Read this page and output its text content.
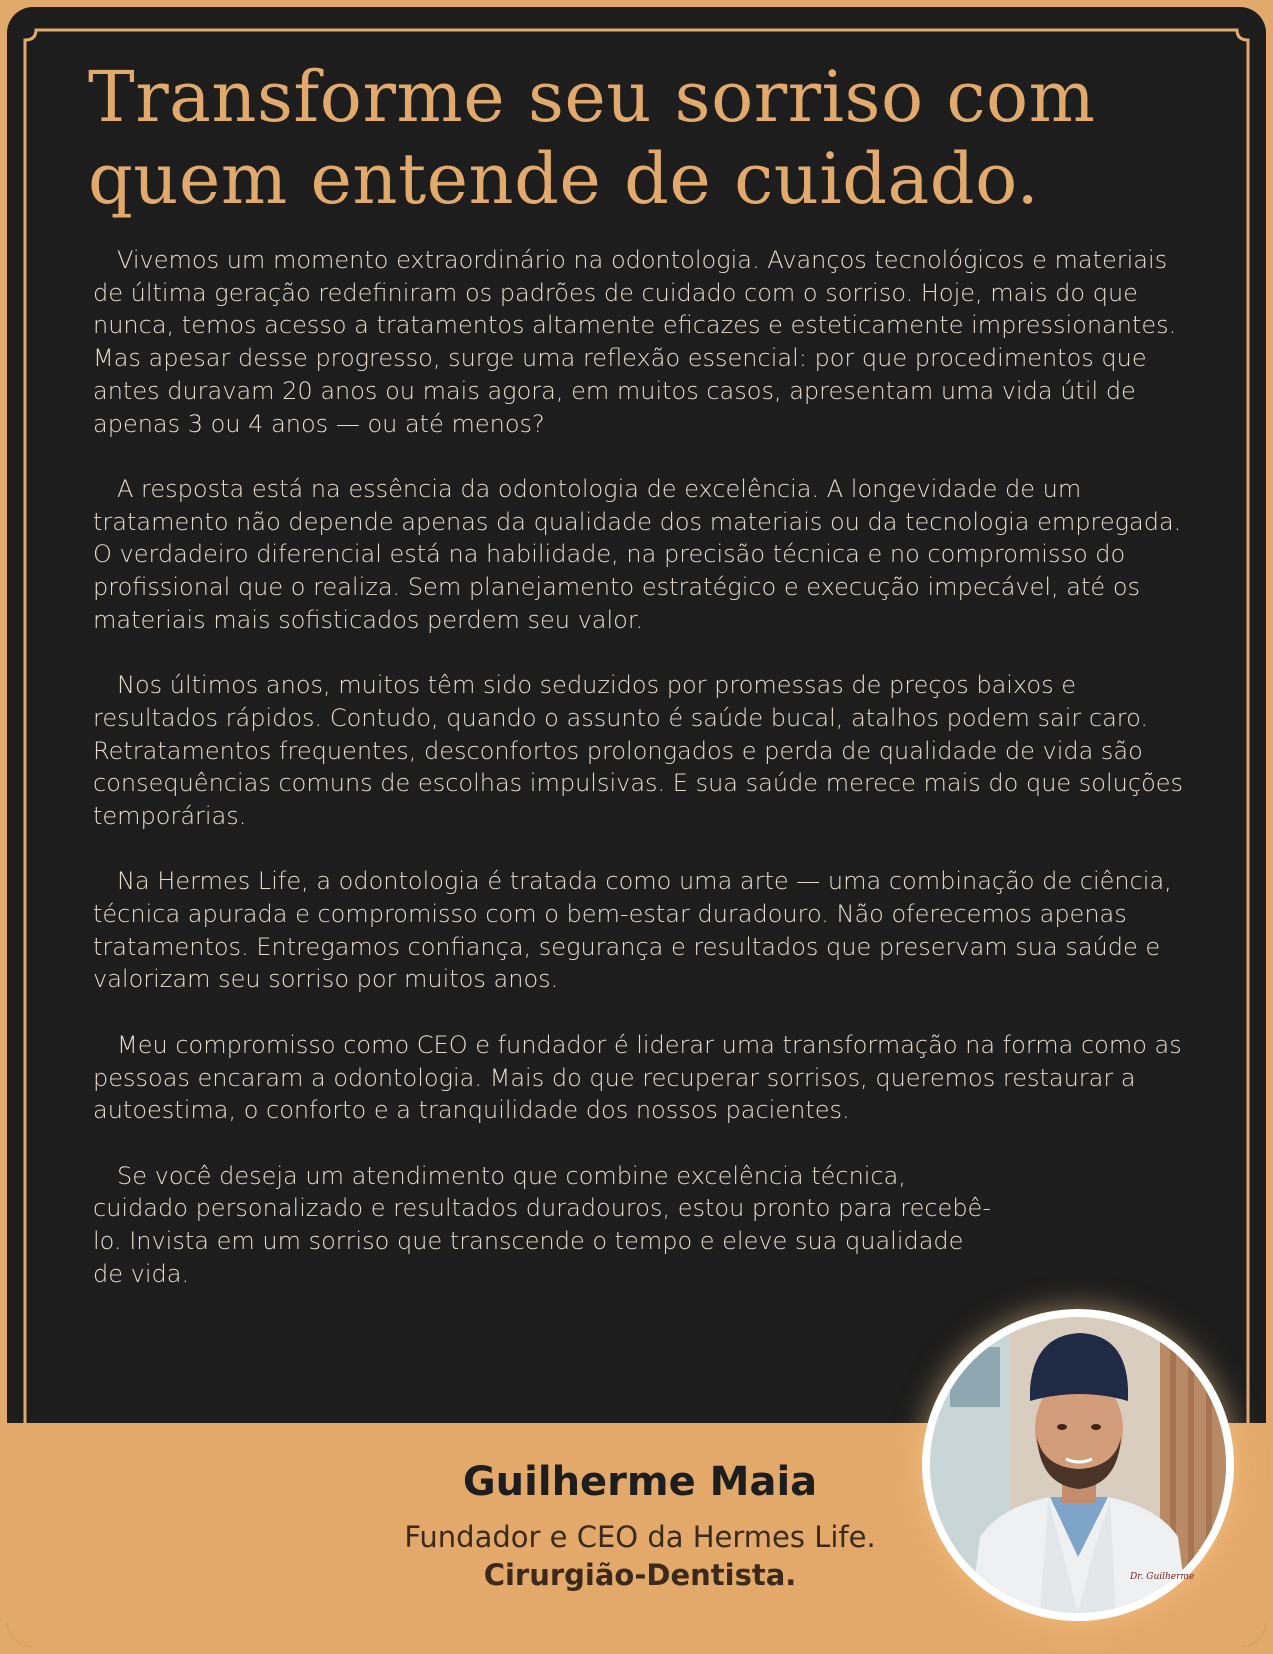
Transforme seu sorriso com
quem entende de cuidado.

Vivemos um momento extraordinário na odontologia. Avanços tecnológicos e materiais de última geração redefiniram os padrões de cuidado com o sorriso. Hoje, mais do que nunca, temos acesso a tratamentos altamente eficazes e esteticamente impressionantes. Mas apesar desse progresso, surge uma reflexão essencial: por que procedimentos que antes duravam 20 anos ou mais agora, em muitos casos, apresentam uma vida útil de apenas 3 ou 4 anos — ou até menos?

A resposta está na essência da odontologia de excelência. A longevidade de um tratamento não depende apenas da qualidade dos materiais ou da tecnologia empregada. O verdadeiro diferencial está na habilidade, na precisão técnica e no compromisso do profissional que o realiza. Sem planejamento estratégico e execução impecável, até os materiais mais sofisticados perdem seu valor.

Nos últimos anos, muitos têm sido seduzidos por promessas de preços baixos e resultados rápidos. Contudo, quando o assunto é saúde bucal, atalhos podem sair caro. Retratamentos frequentes, desconfortos prolongados e perda de qualidade de vida são consequências comuns de escolhas impulsivas. E sua saúde merece mais do que soluções temporárias.

Na Hermes Life, a odontologia é tratada como uma arte — uma combinação de ciência, técnica apurada e compromisso com o bem-estar duradouro. Não oferecemos apenas tratamentos. Entregamos confiança, segurança e resultados que preservam sua saúde e valorizam seu sorriso por muitos anos.

Meu compromisso como CEO e fundador é liderar uma transformação na forma como as pessoas encaram a odontologia. Mais do que recuperar sorrisos, queremos restaurar a autoestima, o conforto e a tranquilidade dos nossos pacientes.

Se você deseja um atendimento que combine excelência técnica, cuidado personalizado e resultados duradouros, estou pronto para recebê-lo. Invista em um sorriso que transcende o tempo e eleve sua qualidade de vida.

Guilherme Maia
Fundador e CEO da Hermes Life.
Cirurgião-Dentista.	Dr. Guilherme
